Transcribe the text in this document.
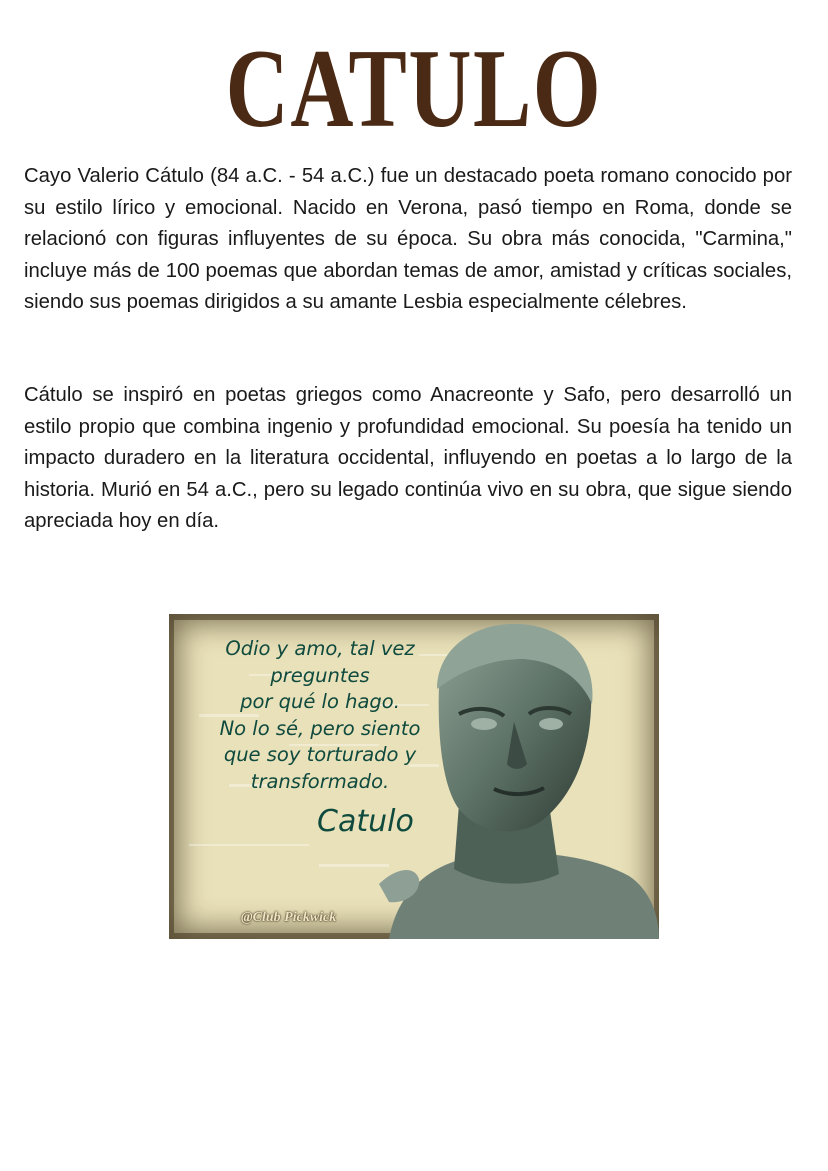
CATULO

Cayo Valerio Cátulo (84 a.C. - 54 a.C.) fue un destacado poeta romano conocido por su estilo lírico y emocional. Nacido en Verona, pasó tiempo en Roma, donde se relacionó con figuras influyentes de su época. Su obra más conocida, "Carmina," incluye más de 100 poemas que abordan temas de amor, amistad y críticas sociales, siendo sus poemas dirigidos a su amante Lesbia especialmente célebres.

Cátulo se inspiró en poetas griegos como Anacreonte y Safo, pero desarrolló un estilo propio que combina ingenio y profundidad emocional. Su poesía ha tenido un impacto duradero en la literatura occidental, influyendo en poetas a lo largo de la historia. Murió en 54 a.C., pero su legado continúa vivo en su obra, que sigue siendo apreciada hoy en día.

Odio y amo, tal vez
preguntes
por qué lo hago.
No lo sé, pero siento
que soy torturado y
transformado.

Catulo

@Club Pickwick
